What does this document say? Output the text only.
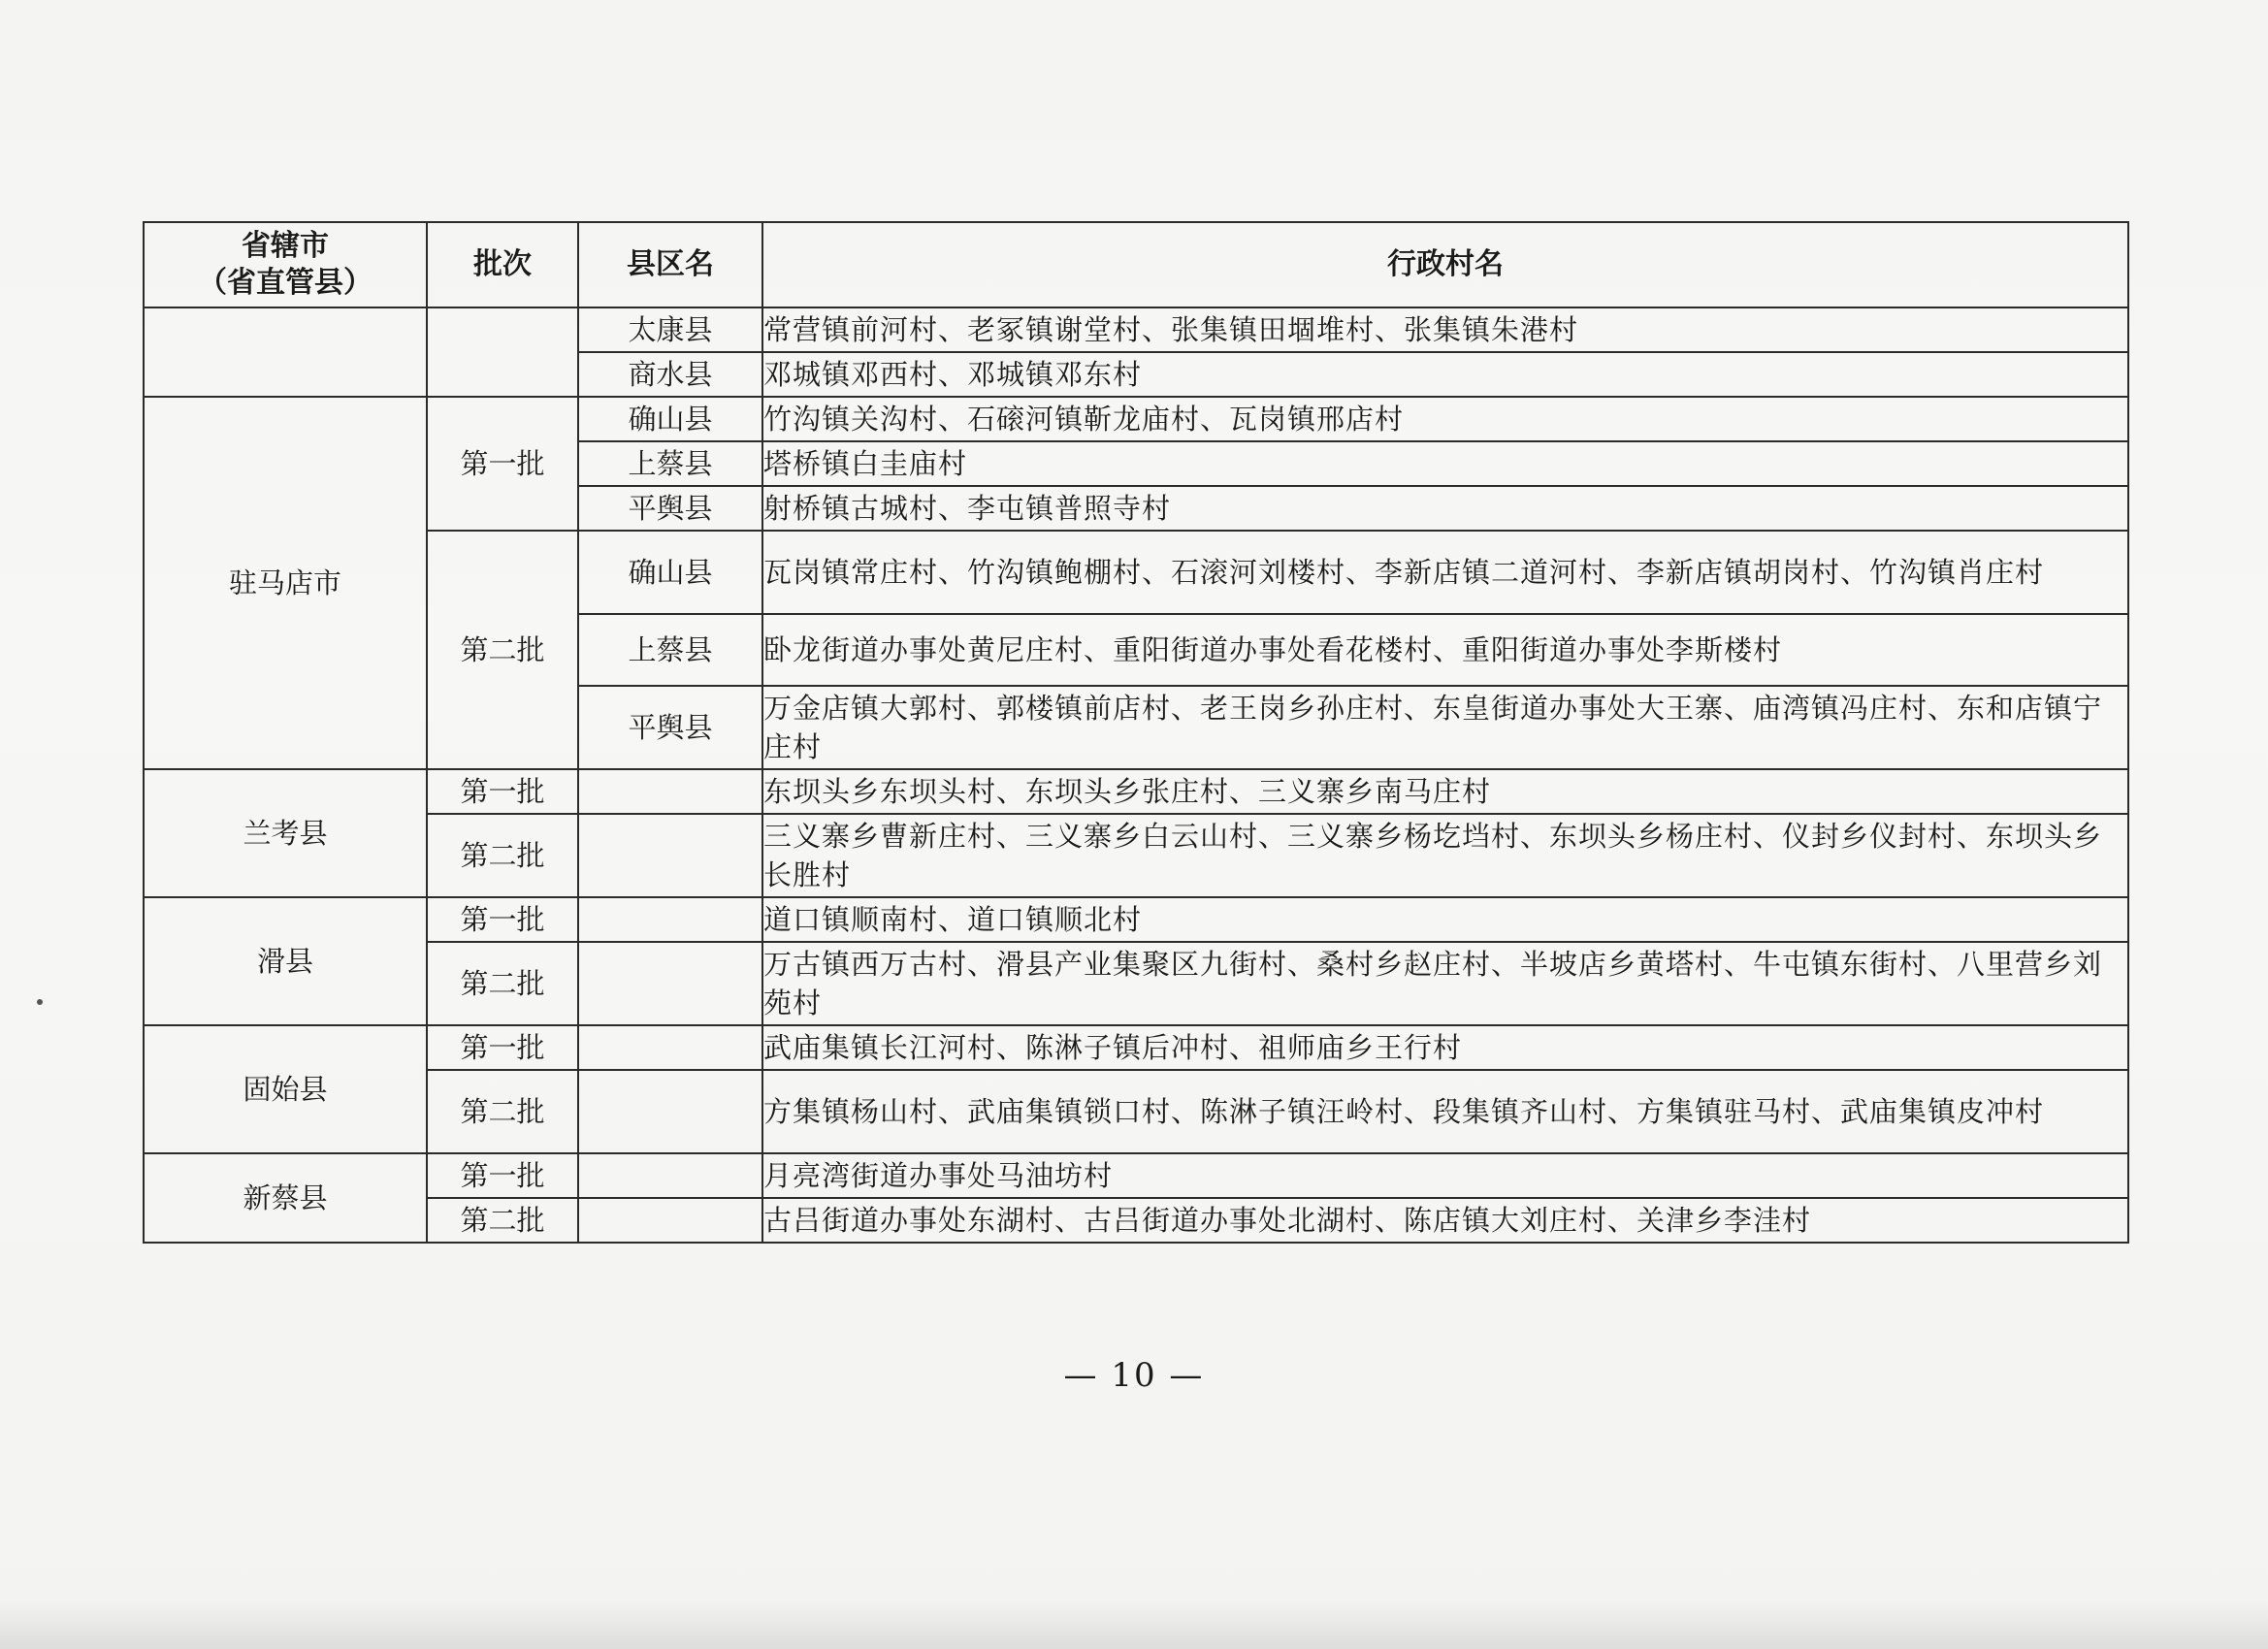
省辖市
（省直管县）	批次	县区名	行政村名
		太康县	常营镇前河村、老冢镇谢堂村、张集镇田堌堆村、张集镇朱港村
		商水县	邓城镇邓西村、邓城镇邓东村
驻马店市	第一批	确山县	竹沟镇关沟村、石磙河镇靳龙庙村、瓦岗镇邢店村
		上蔡县	塔桥镇白圭庙村
		平舆县	射桥镇古城村、李屯镇普照寺村
	第二批	确山县	瓦岗镇常庄村、竹沟镇鲍棚村、石滚河刘楼村、李新店镇二道河村、李新店镇胡岗村、竹沟镇肖庄村
		上蔡县	卧龙街道办事处黄尼庄村、重阳街道办事处看花楼村、重阳街道办事处李斯楼村
		平舆县	万金店镇大郭村、郭楼镇前店村、老王岗乡孙庄村、东皇街道办事处大王寨、庙湾镇冯庄村、东和店镇宁庄村
兰考县	第一批		东坝头乡东坝头村、东坝头乡张庄村、三义寨乡南马庄村
	第二批		三义寨乡曹新庄村、三义寨乡白云山村、三义寨乡杨圪垱村、东坝头乡杨庄村、仪封乡仪封村、东坝头乡长胜村
滑县	第一批		道口镇顺南村、道口镇顺北村
	第二批		万古镇西万古村、滑县产业集聚区九街村、桑村乡赵庄村、半坡店乡黄塔村、牛屯镇东街村、八里营乡刘苑村
固始县	第一批		武庙集镇长江河村、陈淋子镇后冲村、祖师庙乡王行村
	第二批		方集镇杨山村、武庙集镇锁口村、陈淋子镇汪岭村、段集镇齐山村、方集镇驻马村、武庙集镇皮冲村
新蔡县	第一批		月亮湾街道办事处马油坊村
	第二批		古吕街道办事处东湖村、古吕街道办事处北湖村、陈店镇大刘庄村、关津乡李洼村
— 10 —
